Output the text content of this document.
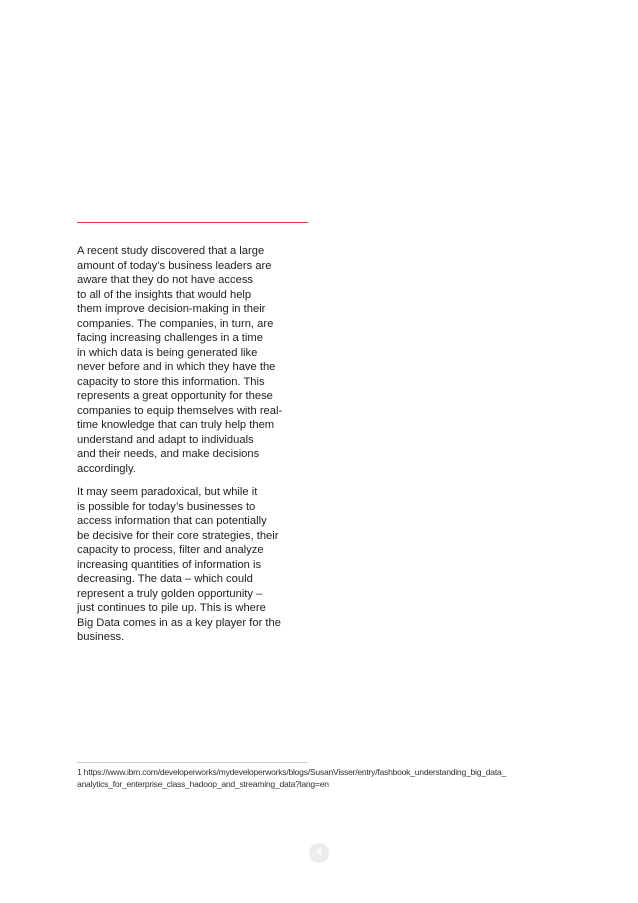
A recent study discovered that a large
amount of today’s business leaders are
aware that they do not have access
to all of the insights that would help
them improve decision-making in their
companies. The companies, in turn, are
facing increasing challenges in a time
in which data is being generated like
never before and in which they have the
capacity to store this information. This
represents a great opportunity for these
companies to equip themselves with real-
time knowledge that can truly help them
understand and adapt to individuals
and their needs, and make decisions
accordingly.

It may seem paradoxical, but while it
is possible for today’s businesses to
access information that can potentially
be decisive for their core strategies, their
capacity to process, filter and analyze
increasing quantities of information is
decreasing. The data – which could
represent a truly golden opportunity –
just continues to pile up. This is where
Big Data comes in as a key player for the
business.

1 https://www.ibm.com/developerworks/mydeveloperworks/blogs/SusanVisser/entry/fashbook_understanding_big_data_
analytics_for_enterprise_class_hadoop_and_streaming_data?lang=en
4
